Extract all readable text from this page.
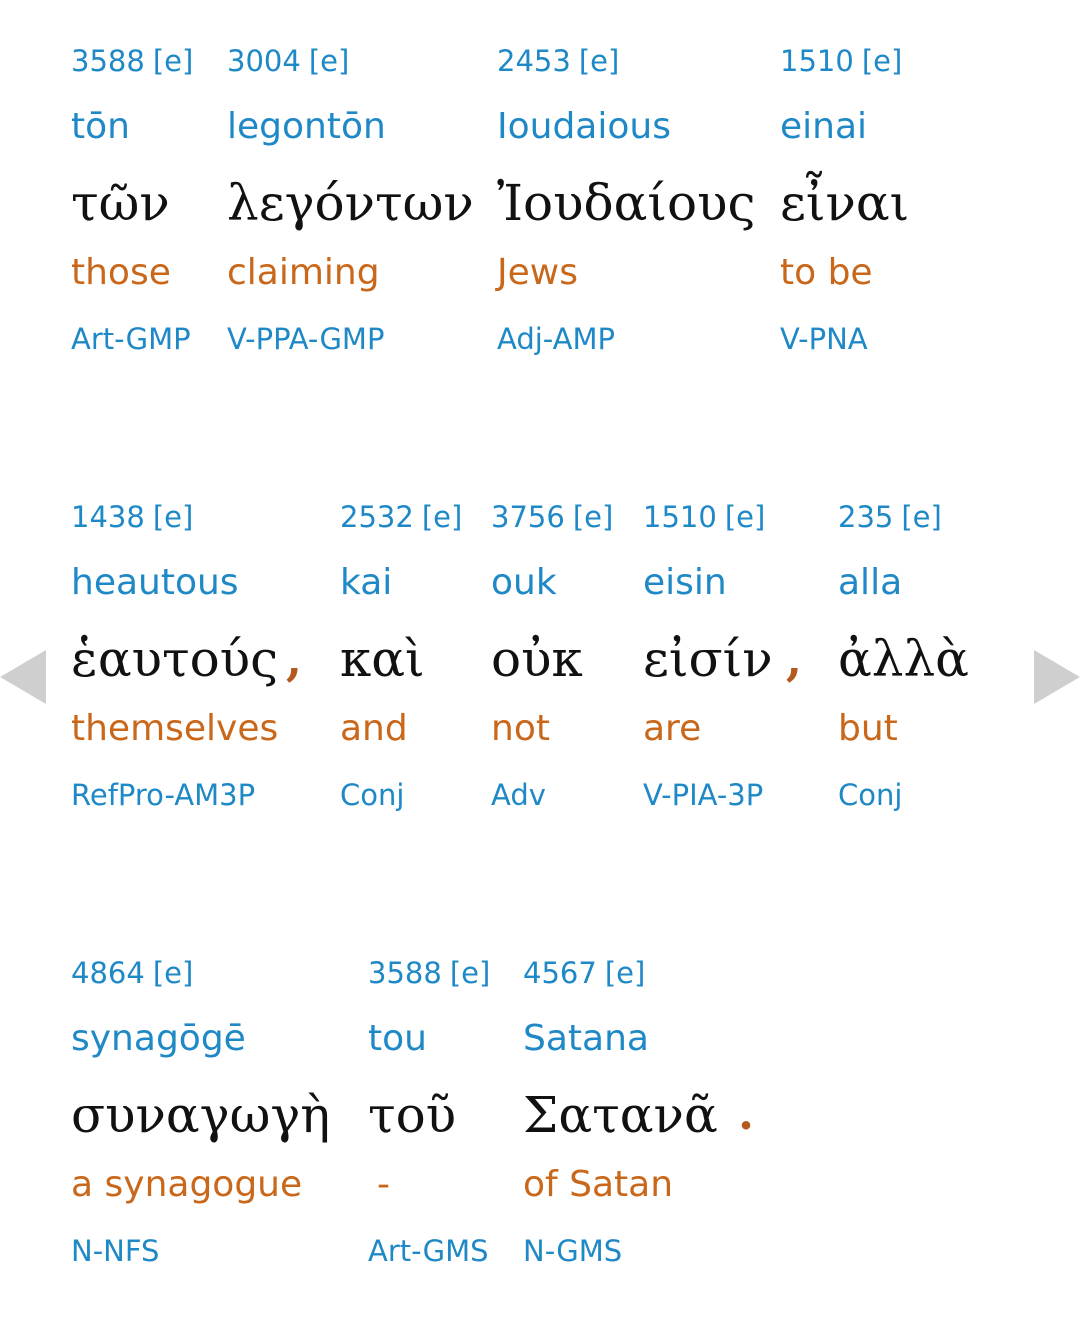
3588 [e]
tōn
τῶν
those
Art-GMP
3004 [e]
legontōn
λεγόντων
claiming
V-PPA-GMP
2453 [e]
Ioudaious
Ἰουδαίους
Jews
Adj-AMP
1510 [e]
einai
εἶναι
to be
V-PNA
1438 [e]
heautous
ἑαυτούς
themselves
RefPro-AM3P
,
2532 [e]
kai
καὶ
and
Conj
3756 [e]
ouk
οὐκ
not
Adv
1510 [e]
eisin
εἰσίν
are
V-PIA-3P
,
235 [e]
alla
ἀλλὰ
but
Conj
4864 [e]
synagōgē
συναγωγὴ
a synagogue
N-NFS
3588 [e]
tou
τοῦ
-
Art-GMS
4567 [e]
Satana
Σατανᾶ
of Satan
N-GMS
.
